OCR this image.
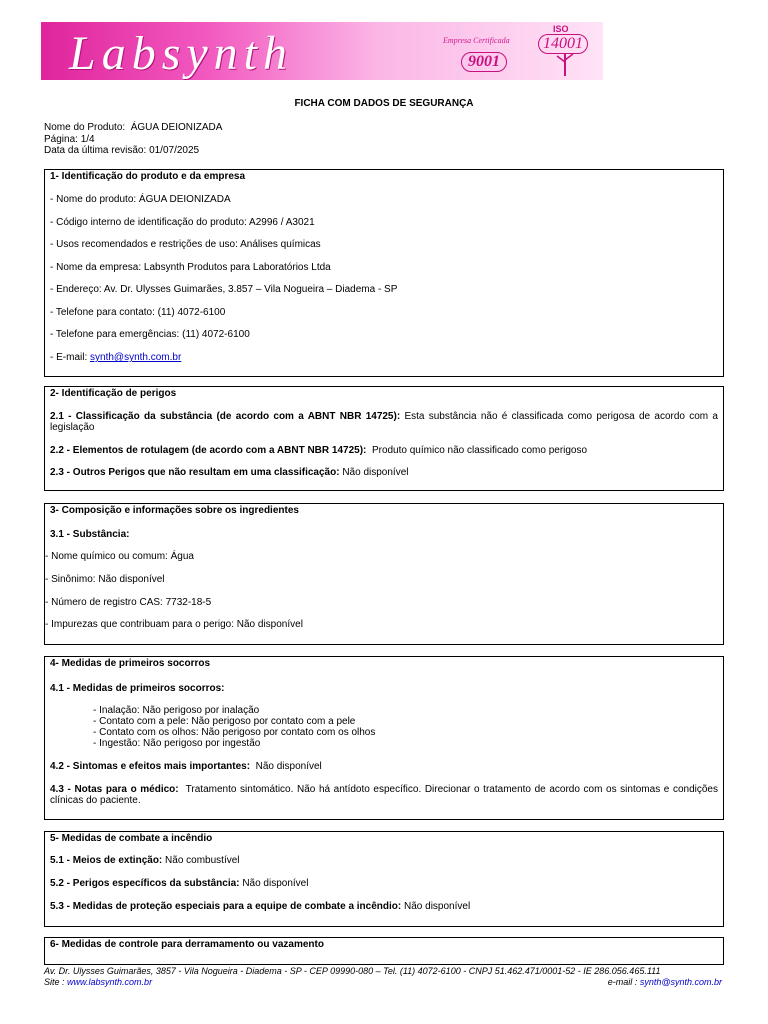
Labsynth	Empresa Certificada
9001
ISO
14001
FICHA COM DADOS DE SEGURANÇA
Nome do Produto: ÁGUA DEIONIZADA
Página: 1/4
Data da última revisão: 01/07/2025
1- Identificação do produto e da empresa
- Nome do produto: ÁGUA DEIONIZADA
- Código interno de identificação do produto: A2996 / A3021
- Usos recomendados e restrições de uso: Análises químicas
- Nome da empresa: Labsynth Produtos para Laboratórios Ltda
- Endereço: Av. Dr. Ulysses Guimarães, 3.857 – Vila Nogueira – Diadema - SP
- Telefone para contato: (11) 4072-6100
- Telefone para emergências: (11) 4072-6100
- E-mail: synth@synth.com.br
2- Identificação de perigos
2.1 - Classificação da substância (de acordo com a ABNT NBR 14725): Esta substância não é classificada como perigosa de acordo com a legislação
2.2 - Elementos de rotulagem (de acordo com a ABNT NBR 14725): Produto químico não classificado como perigoso
2.3 - Outros Perigos que não resultam em uma classificação: Não disponível
3- Composição e informações sobre os ingredientes
3.1 - Substância:
- Nome químico ou comum: Água
- Sinônimo: Não disponível
- Número de registro CAS: 7732-18-5
- Impurezas que contribuam para o perigo: Não disponível
4- Medidas de primeiros socorros
4.1 - Medidas de primeiros socorros:
- Inalação: Não perigoso por inalação
- Contato com a pele: Não perigoso por contato com a pele
- Contato com os olhos: Não perigoso por contato com os olhos
- Ingestão: Não perigoso por ingestão
4.2 - Sintomas e efeitos mais importantes: Não disponível
4.3 - Notas para o médico: Tratamento sintomático. Não há antídoto específico. Direcionar o tratamento de acordo com os sintomas e condições clínicas do paciente.
5- Medidas de combate a incêndio
5.1 - Meios de extinção: Não combustível
5.2 - Perigos específicos da substância: Não disponível
5.3 - Medidas de proteção especiais para a equipe de combate a incêndio: Não disponível
6- Medidas de controle para derramamento ou vazamento
Av. Dr. Ulysses Guimarães, 3857 - Vila Nogueira - Diadema - SP - CEP 09990-080 – Tel. (11) 4072-6100 - CNPJ 51.462.471/0001-52 - IE 286.056.465.111
Site : www.labsynth.com.br	e-mail : synth@synth.com.br
